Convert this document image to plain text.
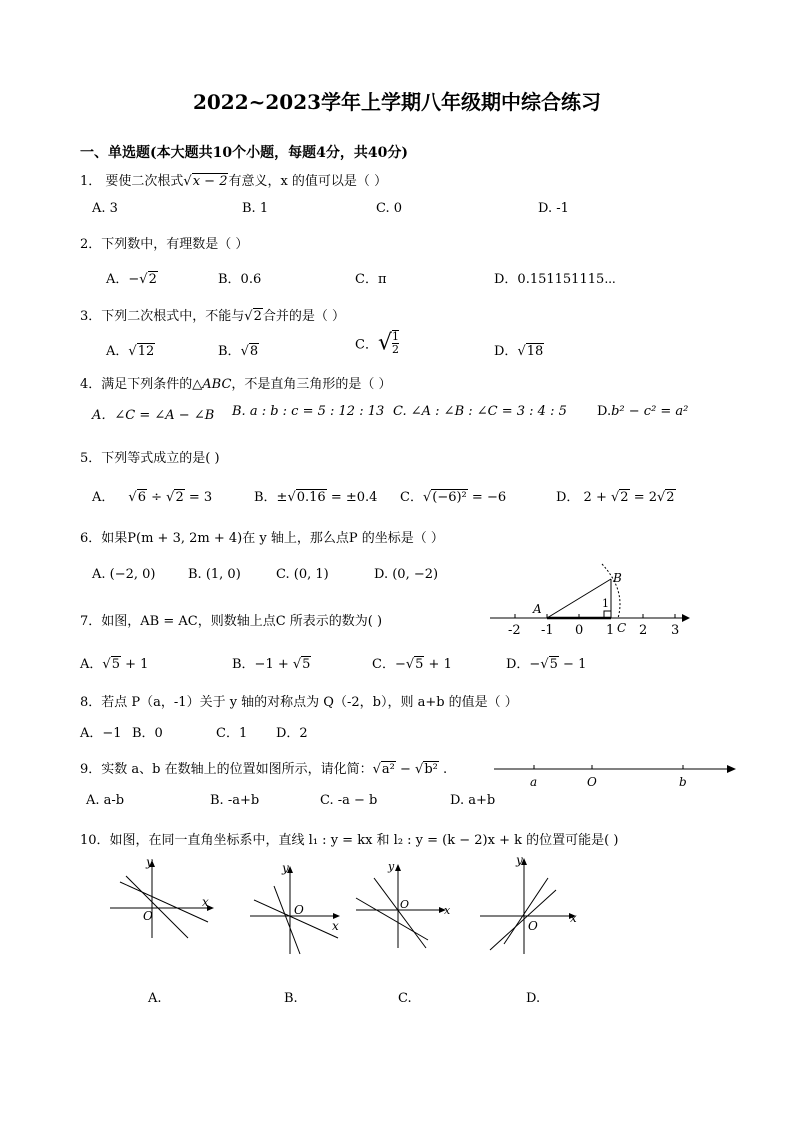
2022~2023学年上学期八年级期中综合练习
一、单选题(本大题共10个小题，每题4分，共40分)
1． 要使二次根式√x − 2有意义，x 的值可以是（ ）
A. 3	B. 1	C. 0	D. -1
2．下列数中，有理数是（ ）
A．−√2	B．0.6	C．π	D．0.151151115⋯
3．下列二次根式中，不能与√2合并的是（ ）
A．√12	B．√8	C．√ $\frac{1}{2}$	D．√18
4．满足下列条件的△ABC，不是直角三角形的是（ ）
A．∠C = ∠A − ∠B B. a : b : c = 5 : 12 : 13 C. ∠A : ∠B : ∠C = 3 : 4 : 5 D.b² − c² = a²
5．下列等式成立的是( )
A． √6 ÷ √2 = 3	B．±√0.16 = ±0.4 C．√(−6)² = −6	D． 2 + √2 = 2√2
6．如果P(m + 3, 2m + 4)在 y 轴上，那么点P 的坐标是（ ）
A. (−2, 0)	B. (1, 0)	C. (0, 1)	D. (0, −2)
7．如图，AB = AC，则数轴上点C 所表示的数为( )
-2 -1 0 1 2 3
A
B
C
1
A．√5 + 1	B．−1 + √5	C．−√5 + 1	D．−√5 − 1
8．若点 P（a，-1）关于 y 轴的对称点为 Q（-2，b），则 a+b 的值是（ ）
A．−1 B．0	C．1 D．2
9．实数 a、b 在数轴上的位置如图所示，请化简：√a² − √b² .
a	O	b
A. a-b	B. -a+b	C. -a − b	D. a+b
10．如图，在同一直角坐标系中，直线 l₁ : y = kx 和 l₂ : y = (k − 2)x + k 的位置可能是( )
y
x
O
y
x
O
y
x
O
y
x
O
A.	B.	C.	D.
